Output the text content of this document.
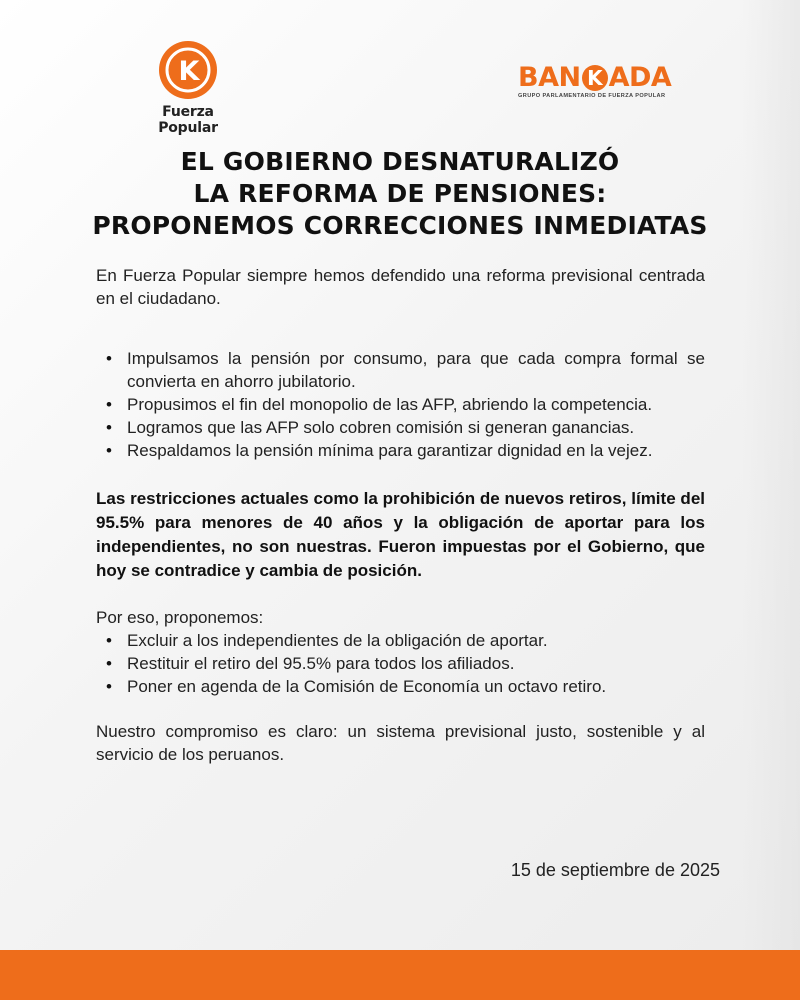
K
Fuerza Popular
BAN K ADA
GRUPO PARLAMENTARIO DE FUERZA POPULAR
EL GOBIERNO DESNATURALIZÓ
LA REFORMA DE PENSIONES:
PROPONEMOS CORRECCIONES INMEDIATAS

En Fuerza Popular siempre hemos defendido una reforma previsional centrada en el ciudadano.

• Impulsamos la pensión por consumo, para que cada compra formal se convierta en ahorro jubilatorio.
• Propusimos el fin del monopolio de las AFP, abriendo la competencia.
• Logramos que las AFP solo cobren comisión si generan ganancias.
• Respaldamos la pensión mínima para garantizar dignidad en la vejez.

Las restricciones actuales como la prohibición de nuevos retiros, límite del 95.5% para menores de 40 años y la obligación de aportar para los independientes, no son nuestras. Fueron impuestas por el Gobierno, que hoy se contradice y cambia de posición.

Por eso, proponemos:

• Excluir a los independientes de la obligación de aportar.
• Restituir el retiro del 95.5% para todos los afiliados.
• Poner en agenda de la Comisión de Economía un octavo retiro.

Nuestro compromiso es claro: un sistema previsional justo, sostenible y al servicio de los peruanos.

15 de septiembre de 2025
